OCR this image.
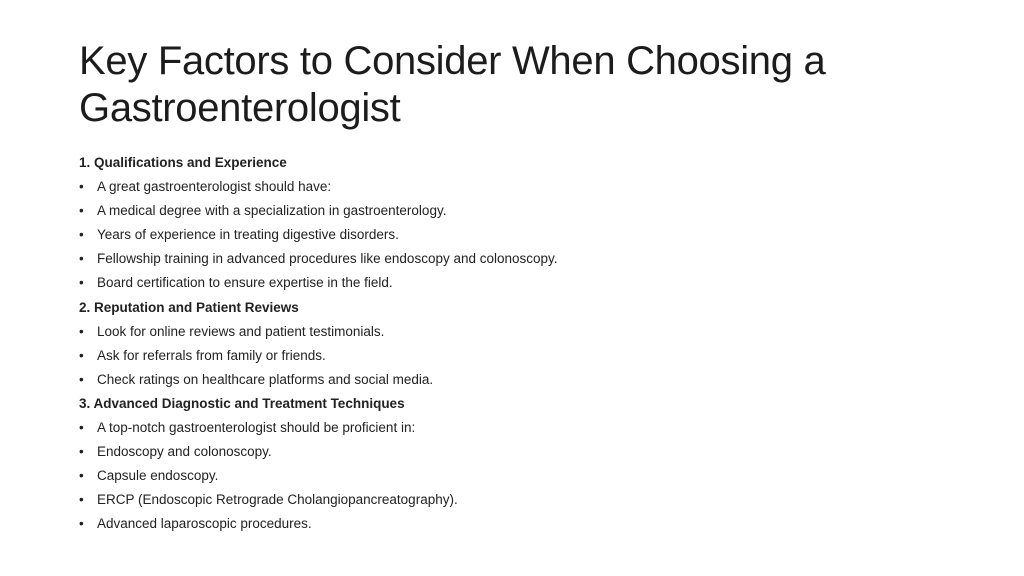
Key Factors to Consider When Choosing a Gastroenterologist
1. Qualifications and Experience
• A great gastroenterologist should have:
• A medical degree with a specialization in gastroenterology.
• Years of experience in treating digestive disorders.
• Fellowship training in advanced procedures like endoscopy and colonoscopy.
• Board certification to ensure expertise in the field.
2. Reputation and Patient Reviews
• Look for online reviews and patient testimonials.
• Ask for referrals from family or friends.
• Check ratings on healthcare platforms and social media.
3. Advanced Diagnostic and Treatment Techniques
• A top-notch gastroenterologist should be proficient in:
• Endoscopy and colonoscopy.
• Capsule endoscopy.
• ERCP (Endoscopic Retrograde Cholangiopancreatography).
• Advanced laparoscopic procedures.
